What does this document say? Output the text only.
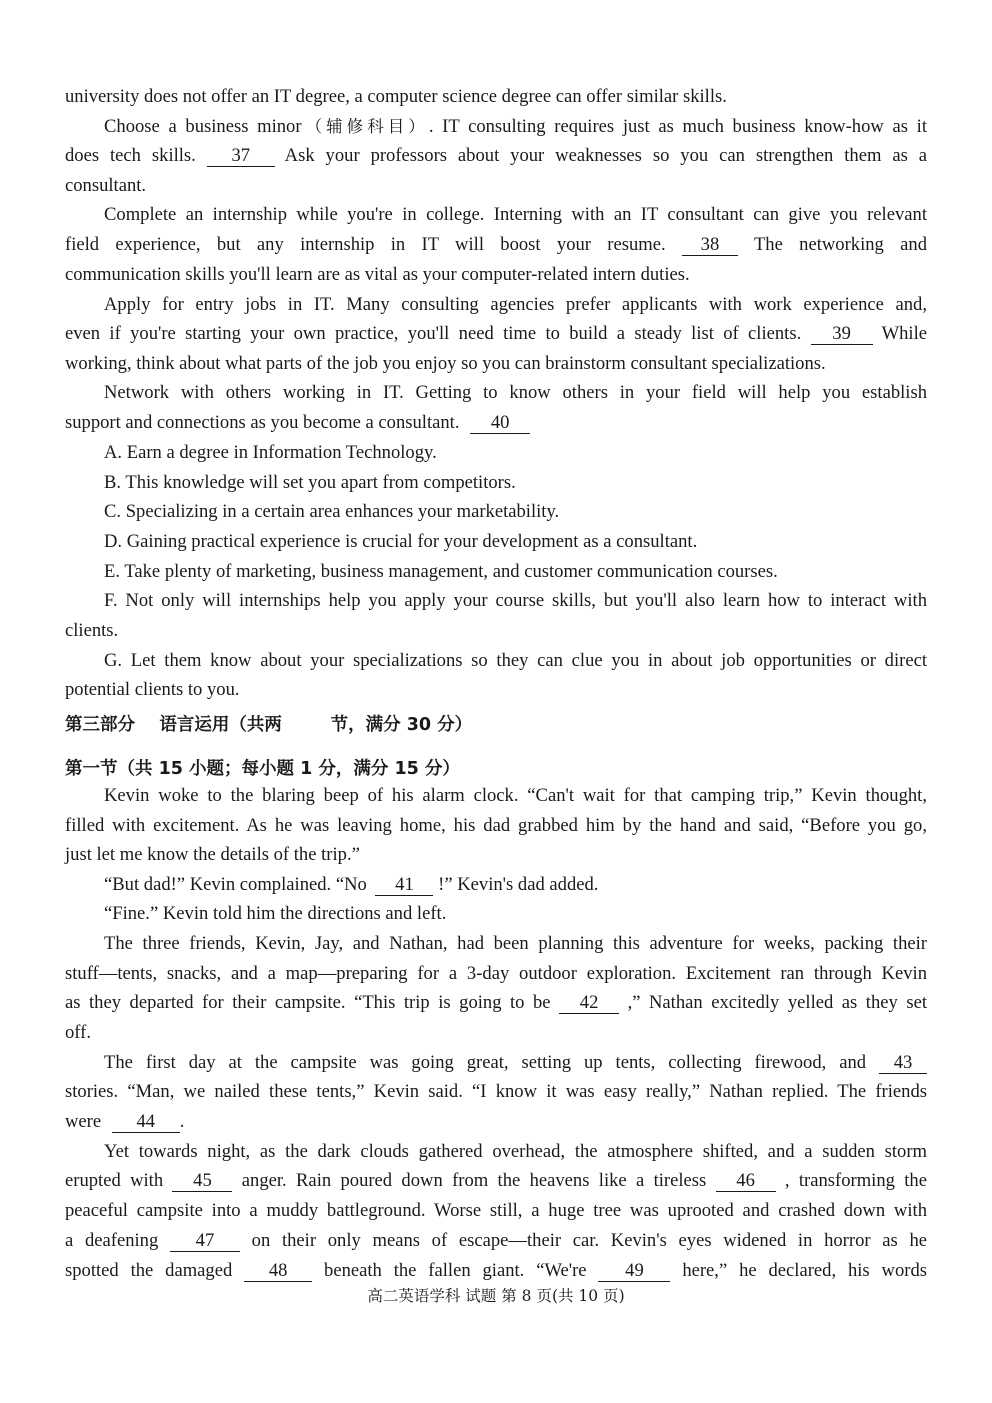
university does not offer an IT degree, a computer science degree can offer similar skills.
Choose a business minor（辅修科目）. IT consulting requires just as much business know-how as it
does tech skills. 37 Ask your professors about your weaknesses so you can strengthen them as a
consultant.
Complete an internship while you're in college. Interning with an IT consultant can give you relevant
field experience, but any internship in IT will boost your resume. 38 The networking and
communication skills you'll learn are as vital as your computer-related intern duties.
Apply for entry jobs in IT. Many consulting agencies prefer applicants with work experience and,
even if you're starting your own practice, you'll need time to build a steady list of clients. 39 While
working, think about what parts of the job you enjoy so you can brainstorm consultant specializations.
Network with others working in IT. Getting to know others in your field will help you establish
support and connections as you become a consultant. 40
A. Earn a degree in Information Technology.
B. This knowledge will set you apart from competitors.
C. Specializing in a certain area enhances your marketability.
D. Gaining practical experience is crucial for your development as a consultant.
E. Take plenty of marketing, business management, and customer communication courses.
F. Not only will internships help you apply your course skills, but you'll also learn how to interact with
clients.
G. Let them know about your specializations so they can clue you in about job opportunities or direct
potential clients to you.
第三部分    语言运用（共两        节，满分 30 分）
第一节（共 15 小题；每小题 1 分，满分 15 分）
Kevin woke to the blaring beep of his alarm clock. “Can't wait for that camping trip,” Kevin thought,
filled with excitement. As he was leaving home, his dad grabbed him by the hand and said, “Before you go,
just let me know the details of the trip.”
“But dad!” Kevin complained. “No 41 !” Kevin's dad added.
“Fine.” Kevin told him the directions and left.
The three friends, Kevin, Jay, and Nathan, had been planning this adventure for weeks, packing their
stuff—tents, snacks, and a map—preparing for a 3-day outdoor exploration. Excitement ran through Kevin
as they departed for their campsite. “This trip is going to be 42 ,” Nathan excitedly yelled as they set
off.
The first day at the campsite was going great, setting up tents, collecting firewood, and 43
stories. “Man, we nailed these tents,” Kevin said. “I know it was easy really,” Nathan replied. The friends
were 44 .
Yet towards night, as the dark clouds gathered overhead, the atmosphere shifted, and a sudden storm
erupted with 45 anger. Rain poured down from the heavens like a tireless 46 , transforming the
peaceful campsite into a muddy battleground. Worse still, a huge tree was uprooted and crashed down with
a deafening 47 on their only means of escape—their car. Kevin's eyes widened in horror as he
spotted the damaged 48 beneath the fallen giant. “We're 49 here,” he declared, his words
高二英语学科 试题 第 8 页(共 10 页)
